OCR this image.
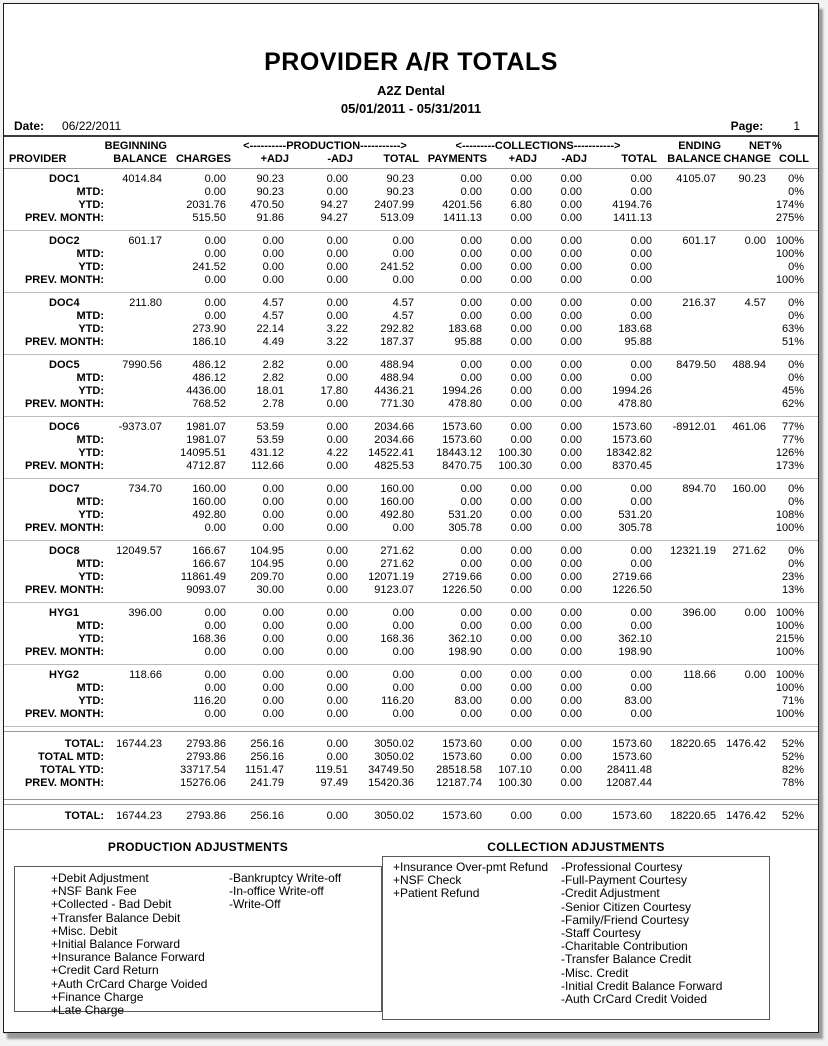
PROVIDER A/R TOTALS
A2Z Dental
05/01/2011 - 05/31/2011
Date: 06/22/2011	Page:	1
BEGINNING	<----------PRODUCTION----------->	<---------COLLECTIONS----------->	ENDING	NET %
PROVIDER	BALANCE CHARGES	+ADJ	-ADJ	TOTAL PAYMENTS	+ADJ	-ADJ	TOTAL BALANCE CHANGE COLL
DOC1	4014.84	0.00	90.23	0.00	90.23	0.00	0.00	0.00	0.00	4105.07	90.23	0%
MTD:	0.00	90.23	0.00	90.23	0.00	0.00	0.00	0.00	0%
YTD:	2031.76	470.50	94.27	2407.99	4201.56	6.80	0.00	4194.76	174%
PREV. MONTH:	515.50	91.86	94.27	513.09	1411.13	0.00	0.00	1411.13	275%
DOC2	601.17	0.00	0.00	0.00	0.00	0.00	0.00	0.00	0.00	601.17	0.00 100%
MTD:	0.00	0.00	0.00	0.00	0.00	0.00	0.00	0.00	100%
YTD:	241.52	0.00	0.00	241.52	0.00	0.00	0.00	0.00	0%
PREV. MONTH:	0.00	0.00	0.00	0.00	0.00	0.00	0.00	0.00	100%
DOC4	211.80	0.00	4.57	0.00	4.57	0.00	0.00	0.00	0.00	216.37	4.57	0%
MTD:	0.00	4.57	0.00	4.57	0.00	0.00	0.00	0.00	0%
YTD:	273.90	22.14	3.22	292.82	183.68	0.00	0.00	183.68	63%
PREV. MONTH:	186.10	4.49	3.22	187.37	95.88	0.00	0.00	95.88	51%
DOC5	7990.56	486.12	2.82	0.00	488.94	0.00	0.00	0.00	0.00	8479.50	488.94	0%
MTD:	486.12	2.82	0.00	488.94	0.00	0.00	0.00	0.00	0%
YTD:	4436.00	18.01	17.80	4436.21	1994.26	0.00	0.00	1994.26	45%
PREV. MONTH:	768.52	2.78	0.00	771.30	478.80	0.00	0.00	478.80	62%
DOC6	-9373.07	1981.07	53.59	0.00	2034.66	1573.60	0.00	0.00	1573.60	-8912.01	461.06	77%
MTD:	1981.07	53.59	0.00	2034.66	1573.60	0.00	0.00	1573.60	77%
YTD:	14095.51	431.12	4.22	14522.41	18443.12	100.30	0.00	18342.82	126%
PREV. MONTH:	4712.87	112.66	0.00	4825.53	8470.75	100.30	0.00	8370.45	173%
DOC7	734.70	160.00	0.00	0.00	160.00	0.00	0.00	0.00	0.00	894.70	160.00	0%
MTD:	160.00	0.00	0.00	160.00	0.00	0.00	0.00	0.00	0%
YTD:	492.80	0.00	0.00	492.80	531.20	0.00	0.00	531.20	108%
PREV. MONTH:	0.00	0.00	0.00	0.00	305.78	0.00	0.00	305.78	100%
DOC8	12049.57	166.67	104.95	0.00	271.62	0.00	0.00	0.00	0.00	12321.19	271.62	0%
MTD:	166.67	104.95	0.00	271.62	0.00	0.00	0.00	0.00	0%
YTD:	11861.49	209.70	0.00	12071.19	2719.66	0.00	0.00	2719.66	23%
PREV. MONTH:	9093.07	30.00	0.00	9123.07	1226.50	0.00	0.00	1226.50	13%
HYG1	396.00	0.00	0.00	0.00	0.00	0.00	0.00	0.00	0.00	396.00	0.00 100%
MTD:	0.00	0.00	0.00	0.00	0.00	0.00	0.00	0.00	100%
YTD:	168.36	0.00	0.00	168.36	362.10	0.00	0.00	362.10	215%
PREV. MONTH:	0.00	0.00	0.00	0.00	198.90	0.00	0.00	198.90	100%
HYG2	118.66	0.00	0.00	0.00	0.00	0.00	0.00	0.00	0.00	118.66	0.00 100%
MTD:	0.00	0.00	0.00	0.00	0.00	0.00	0.00	0.00	100%
YTD:	116.20	0.00	0.00	116.20	83.00	0.00	0.00	83.00	71%
PREV. MONTH:	0.00	0.00	0.00	0.00	0.00	0.00	0.00	0.00	100%
TOTAL:	16744.23	2793.86	256.16	0.00	3050.02	1573.60	0.00	0.00	1573.60	18220.65 1476.42	52%
TOTAL MTD:	2793.86	256.16	0.00	3050.02	1573.60	0.00	0.00	1573.60	52%
TOTAL YTD:	33717.54	1151.47	119.51	34749.50	28518.58	107.10	0.00	28411.48	82%
PREV. MONTH:	15276.06	241.79	97.49	15420.36	12187.74	100.30	0.00	12087.44	78%
TOTAL:	16744.23	2793.86	256.16	0.00	3050.02	1573.60	0.00	0.00	1573.60	18220.65 1476.42	52%
PRODUCTION ADJUSTMENTS
+Debit Adjustment
+NSF Bank Fee
+Collected - Bad Debit
+Transfer Balance Debit
+Misc. Debit
+Initial Balance Forward
+Insurance Balance Forward
+Credit Card Return
+Auth CrCard Charge Voided
+Finance Charge
+Late Charge
-Bankruptcy Write-off
-In-office Write-off
-Write-Off
COLLECTION ADJUSTMENTS
+Insurance Over-pmt Refund
+NSF Check
+Patient Refund
-Professional Courtesy
-Full-Payment Courtesy
-Credit Adjustment
-Senior Citizen Courtesy
-Family/Friend Courtesy
-Staff Courtesy
-Charitable Contribution
-Transfer Balance Credit
-Misc. Credit
-Initial Credit Balance Forward
-Auth CrCard Credit Voided
